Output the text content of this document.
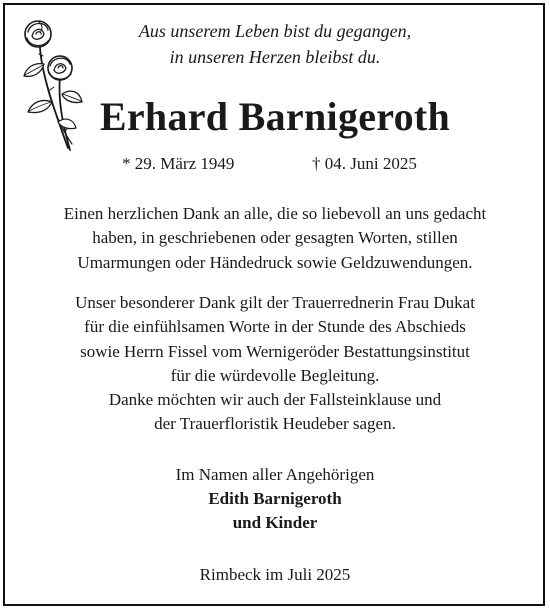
Aus unserem Leben bist du gegangen,
in unseren Herzen bleibst du.
Erhard Barnigeroth
* 29. März 1949	† 04. Juni 2025
Einen herzlichen Dank an alle, die so liebevoll an uns gedacht
haben, in geschriebenen oder gesagten Worten, stillen
Umarmungen oder Händedruck sowie Geldzuwendungen.
Unser besonderer Dank gilt der Trauerrednerin Frau Dukat
für die einfühlsamen Worte in der Stunde des Abschieds
sowie Herrn Fissel vom Wernigeröder Bestattungsinstitut
für die würdevolle Begleitung.
Danke möchten wir auch der Fallsteinklause und
der Trauerfloristik Heudeber sagen.
Im Namen aller Angehörigen
Edith Barnigeroth
und Kinder
Rimbeck im Juli 2025
